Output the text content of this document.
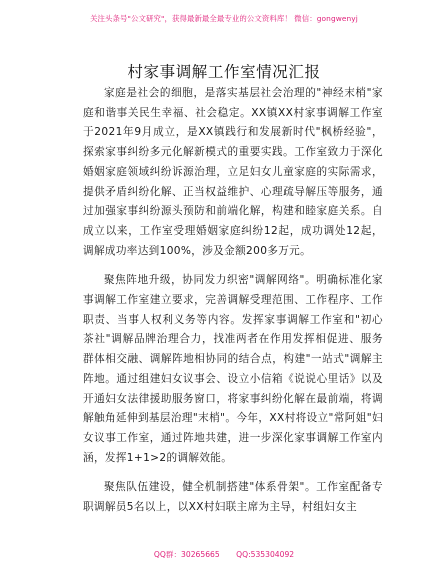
关注头条号"公文研究"，获得最新最全最专业的公文资料库！ 微信：gongwenyj
村家事调解工作室情况汇报

家庭是社会的细胞，是落实基层社会治理的"神经末梢"家庭和谐事关民生幸福、社会稳定。XX镇XX村家事调解工作室于2021年9月成立，是XX镇践行和发展新时代"枫桥经验"，探索家事纠纷多元化解新模式的重要实践。工作室致力于深化婚姻家庭领域纠纷诉源治理，立足妇女儿童家庭的实际需求，提供矛盾纠纷化解、正当权益维护、心理疏导解压等服务，通过加强家事纠纷源头预防和前端化解，构建和睦家庭关系。自成立以来，工作室受理婚姻家庭纠纷12起，成功调处12起，调解成功率达到100%，涉及金额200多万元。

聚焦阵地升级，协同发力织密"调解网络"。明确标准化家事调解工作室建立要求，完善调解受理范围、工作程序、工作职责、当事人权利义务等内容。发挥家事调解工作室和"初心茶社"调解品牌治理合力，找准两者在作用发挥相促进、服务群体相交融、调解阵地相协同的结合点，构建"一站式"调解主阵地。通过组建妇女议事会、设立小信箱《说说心里话》以及开通妇女法律援助服务窗口，将家事纠纷化解在最前端，将调解触角延伸到基层治理"末梢"。今年，XX村将设立"常阿姐"妇女议事工作室，通过阵地共建，进一步深化家事调解工作室内涵，发挥1+1>2的调解效能。

聚焦队伍建设，健全机制搭建"体系骨架"。工作室配备专职调解员5名以上，以XX村妇联主席为主导，村组妇女主

QQ群：30265665 QQ:535304092
